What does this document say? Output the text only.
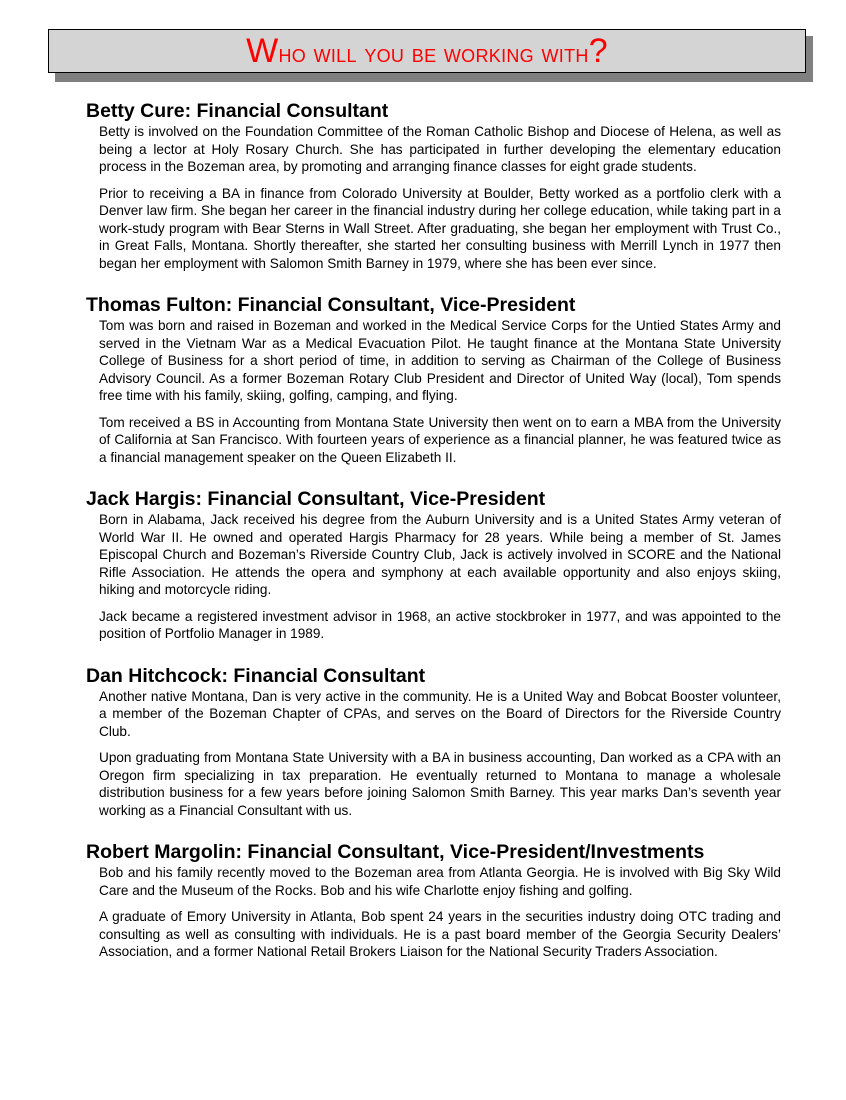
Who will you be working with?
Betty Cure: Financial Consultant

Betty is involved on the Foundation Committee of the Roman Catholic Bishop and Diocese of Helena, as well as being a lector at Holy Rosary Church. She has participated in further developing the elementary education process in the Bozeman area, by promoting and arranging finance classes for eight grade students.

Prior to receiving a BA in finance from Colorado University at Boulder, Betty worked as a portfolio clerk with a Denver law firm. She began her career in the financial industry during her college education, while taking part in a work-study program with Bear Sterns in Wall Street. After graduating, she began her employment with Trust Co., in Great Falls, Montana. Shortly thereafter, she started her consulting business with Merrill Lynch in 1977 then began her employment with Salomon Smith Barney in 1979, where she has been ever since.

Thomas Fulton: Financial Consultant, Vice-President

Tom was born and raised in Bozeman and worked in the Medical Service Corps for the Untied States Army and served in the Vietnam War as a Medical Evacuation Pilot. He taught finance at the Montana State University College of Business for a short period of time, in addition to serving as Chairman of the College of Business Advisory Council. As a former Bozeman Rotary Club President and Director of United Way (local), Tom spends free time with his family, skiing, golfing, camping, and flying.

Tom received a BS in Accounting from Montana State University then went on to earn a MBA from the University of California at San Francisco. With fourteen years of experience as a financial planner, he was featured twice as a financial management speaker on the Queen Elizabeth II.

Jack Hargis: Financial Consultant, Vice-President

Born in Alabama, Jack received his degree from the Auburn University and is a United States Army veteran of World War II. He owned and operated Hargis Pharmacy for 28 years. While being a member of St. James Episcopal Church and Bozeman’s Riverside Country Club, Jack is actively involved in SCORE and the National Rifle Association. He attends the opera and symphony at each available opportunity and also enjoys skiing, hiking and motorcycle riding.

Jack became a registered investment advisor in 1968, an active stockbroker in 1977, and was appointed to the position of Portfolio Manager in 1989.

Dan Hitchcock: Financial Consultant

Another native Montana, Dan is very active in the community. He is a United Way and Bobcat Booster volunteer, a member of the Bozeman Chapter of CPAs, and serves on the Board of Directors for the Riverside Country Club.

Upon graduating from Montana State University with a BA in business accounting, Dan worked as a CPA with an Oregon firm specializing in tax preparation. He eventually returned to Montana to manage a wholesale distribution business for a few years before joining Salomon Smith Barney. This year marks Dan’s seventh year working as a Financial Consultant with us.

Robert Margolin: Financial Consultant, Vice-President/Investments

Bob and his family recently moved to the Bozeman area from Atlanta Georgia. He is involved with Big Sky Wild Care and the Museum of the Rocks. Bob and his wife Charlotte enjoy fishing and golfing.

A graduate of Emory University in Atlanta, Bob spent 24 years in the securities industry doing OTC trading and consulting as well as consulting with individuals. He is a past board member of the Georgia Security Dealers’ Association, and a former National Retail Brokers Liaison for the National Security Traders Association.
